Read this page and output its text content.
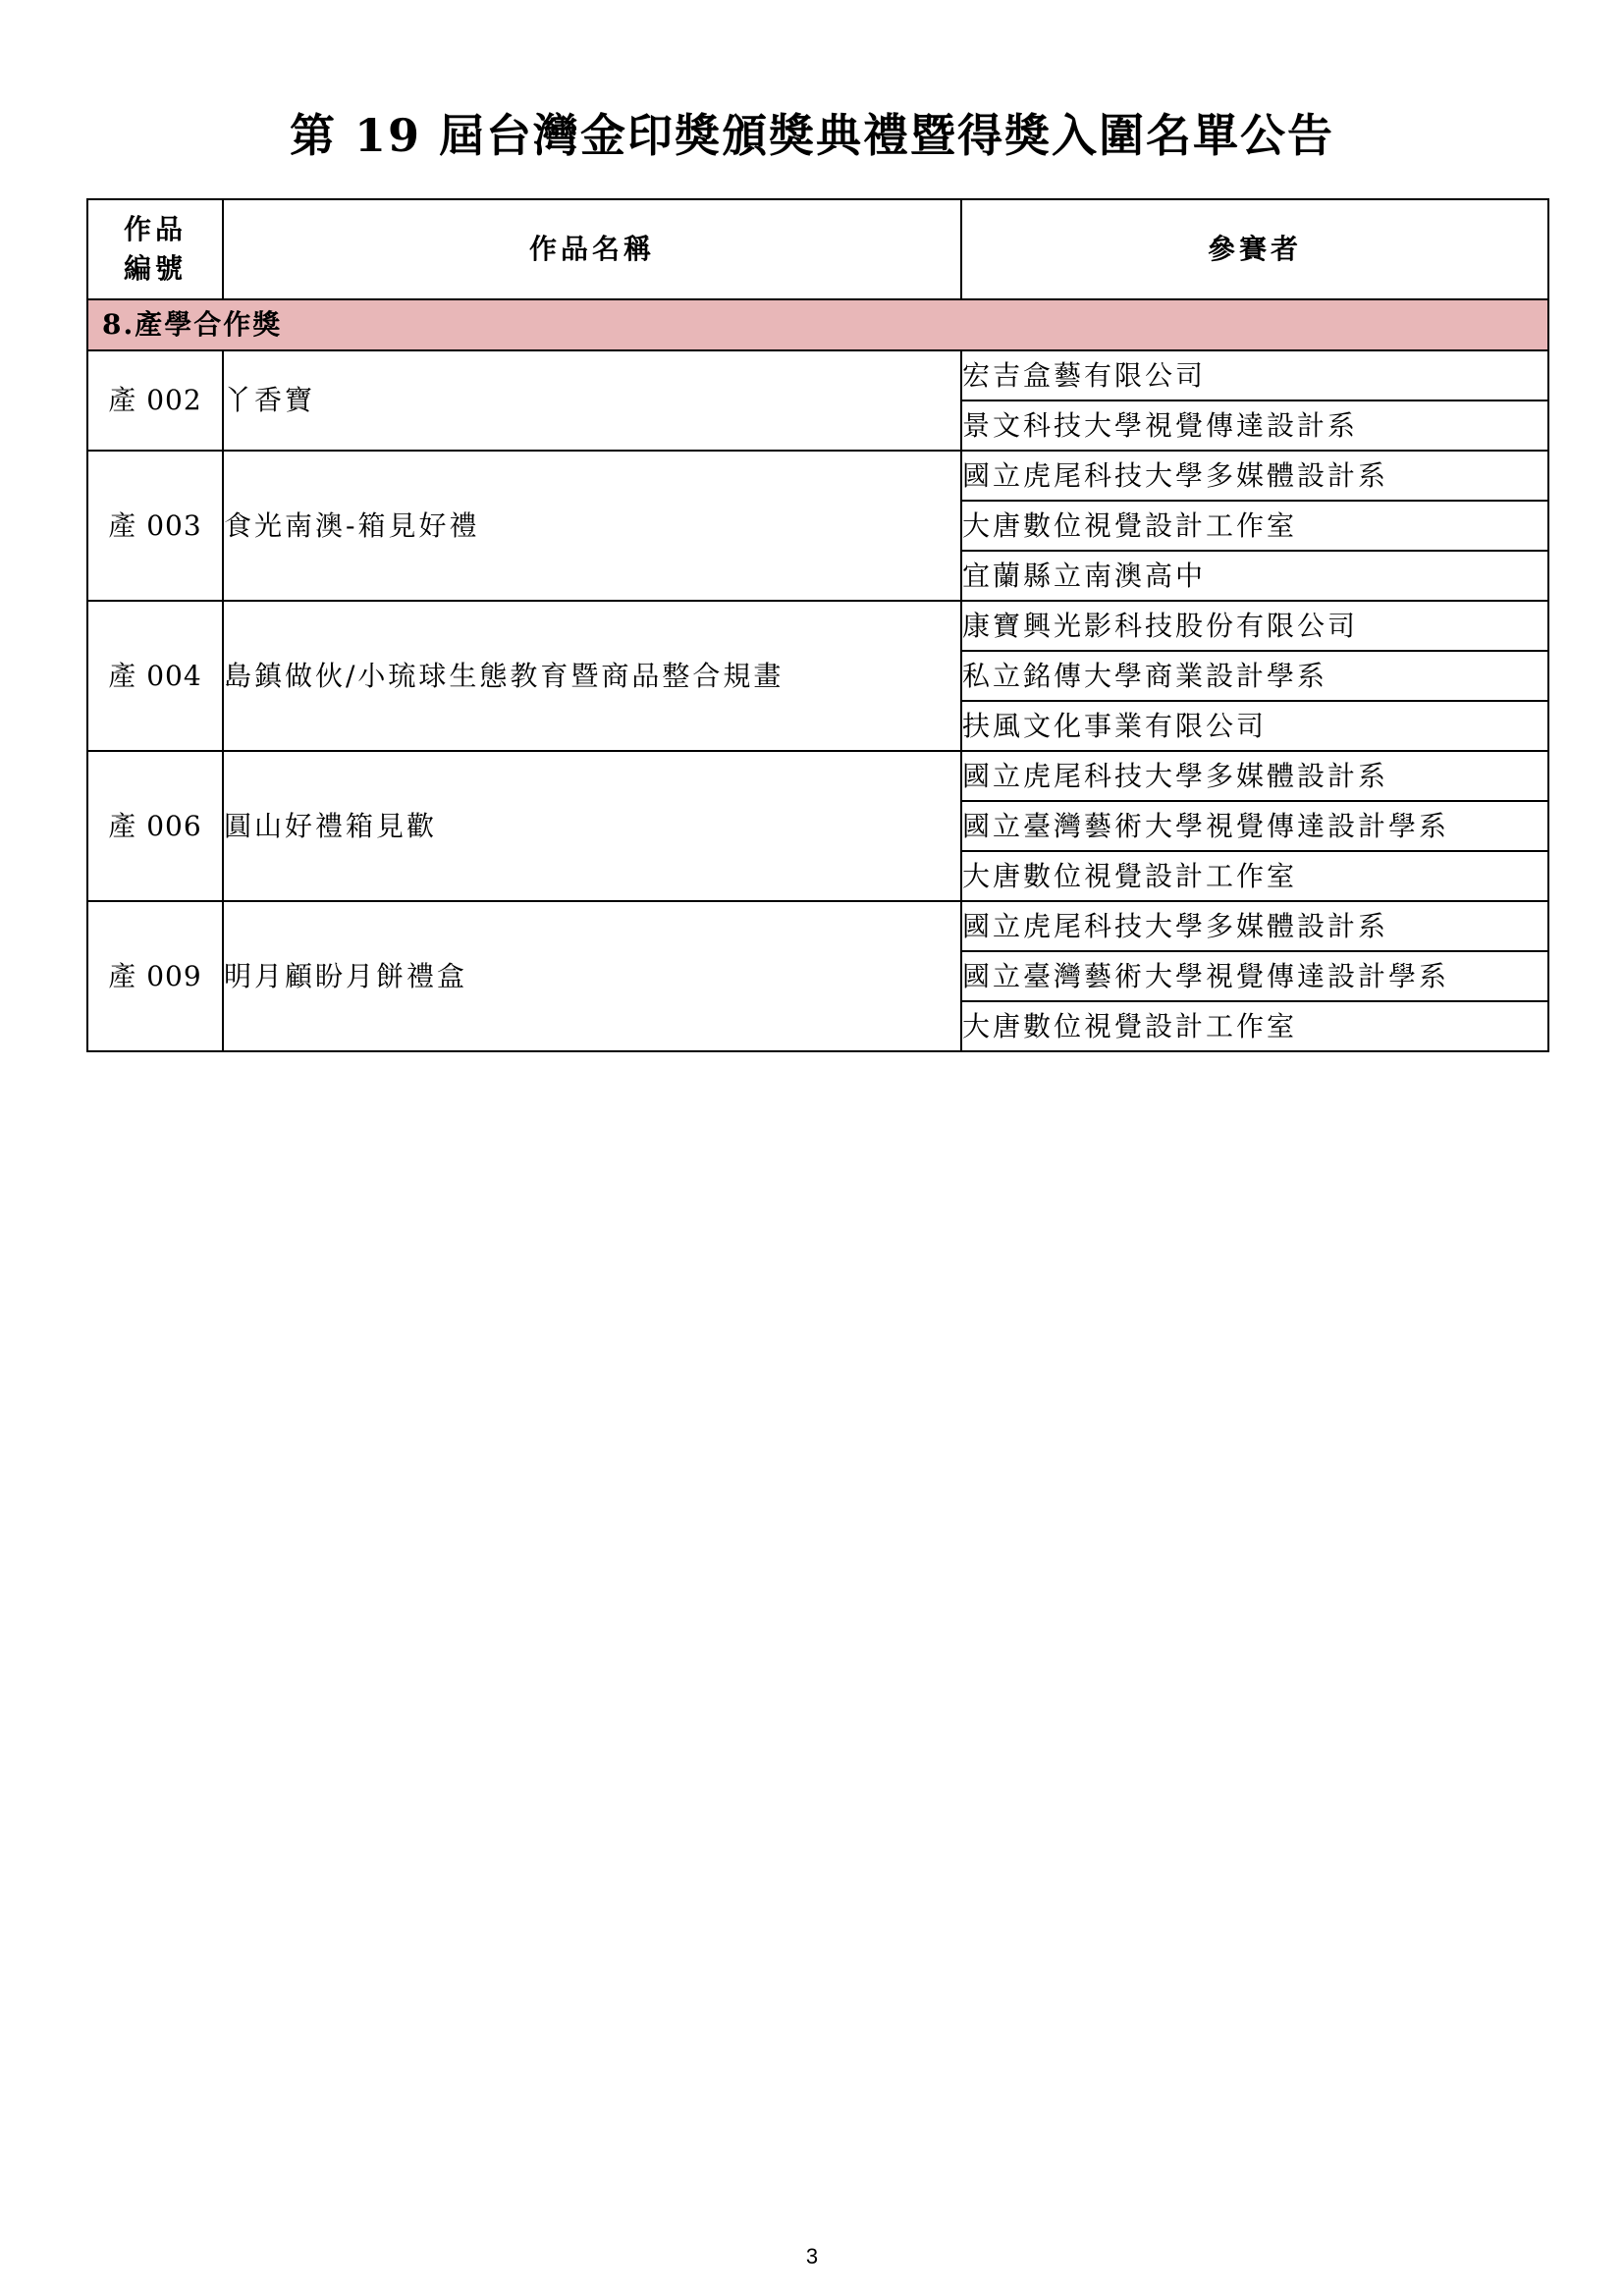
第 19 屆台灣金印獎頒獎典禮暨得獎入圍名單公告
作品
編號	作品名稱	參賽者
8.產學合作獎		
產 002	丫香寶	宏吉盒藝有限公司
		景文科技大學視覺傳達設計系
產 003	食光南澳-箱見好禮	國立虎尾科技大學多媒體設計系
		大唐數位視覺設計工作室
		宜蘭縣立南澳高中
產 004	島鎮做伙/小琉球生態教育暨商品整合規畫	康寶興光影科技股份有限公司
		私立銘傳大學商業設計學系
		扶風文化事業有限公司
產 006	圓山好禮箱見歡	國立虎尾科技大學多媒體設計系
		國立臺灣藝術大學視覺傳達設計學系
		大唐數位視覺設計工作室
產 009	明月顧盼月餅禮盒	國立虎尾科技大學多媒體設計系
		國立臺灣藝術大學視覺傳達設計學系
		大唐數位視覺設計工作室
3
